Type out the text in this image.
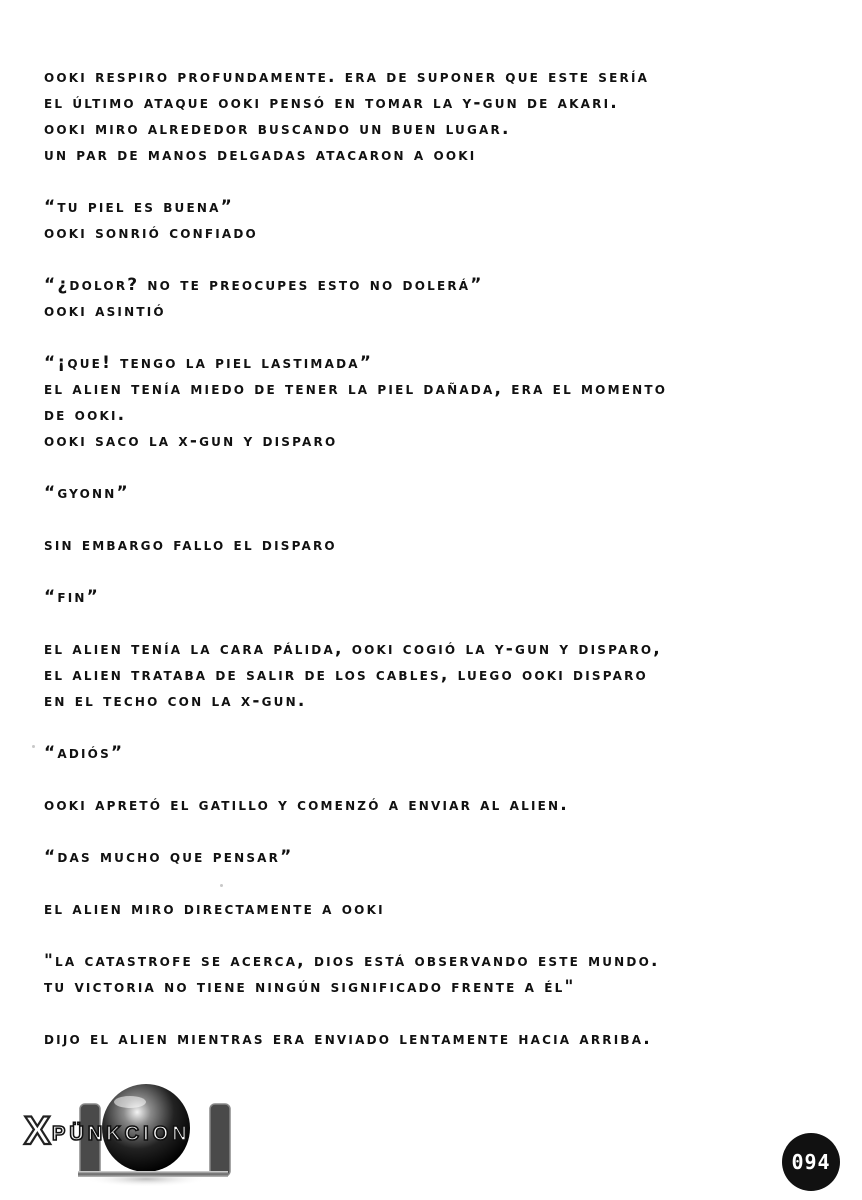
ooki respiro profundamente. era de suponer que este sería
el último ataque ooki pensó en tomar la y-gun de akari.
ooki miro alrededor buscando un buen lugar.
un par de manos delgadas atacaron a ooki
“tu piel es buena”
ooki sonrió confiado
“¿dolor? no te preocupes esto no dolerá”
ooki asintió
“¡que! tengo la piel lastimada”
el alien tenía miedo de tener la piel dañada, era el momento
de ooki.
ooki saco la x-gun y disparo
“gyonn”
sin embargo fallo el disparo
“fin”
el alien tenía la cara pálida, ooki cogió la y-gun y disparo,
el alien trataba de salir de los cables, luego ooki disparo
en el techo con la x-gun.
“adiós”
ooki apretó el gatillo y comenzó a enviar al alien.
“das mucho que pensar”
el alien miro directamente a ooki
"la catastrofe se acerca, dios está observando este mundo.
tu victoria no tiene ningún significado frente a él"
dijo el alien mientras era enviado lentamente hacia arriba.
X PÜNKCION
094
